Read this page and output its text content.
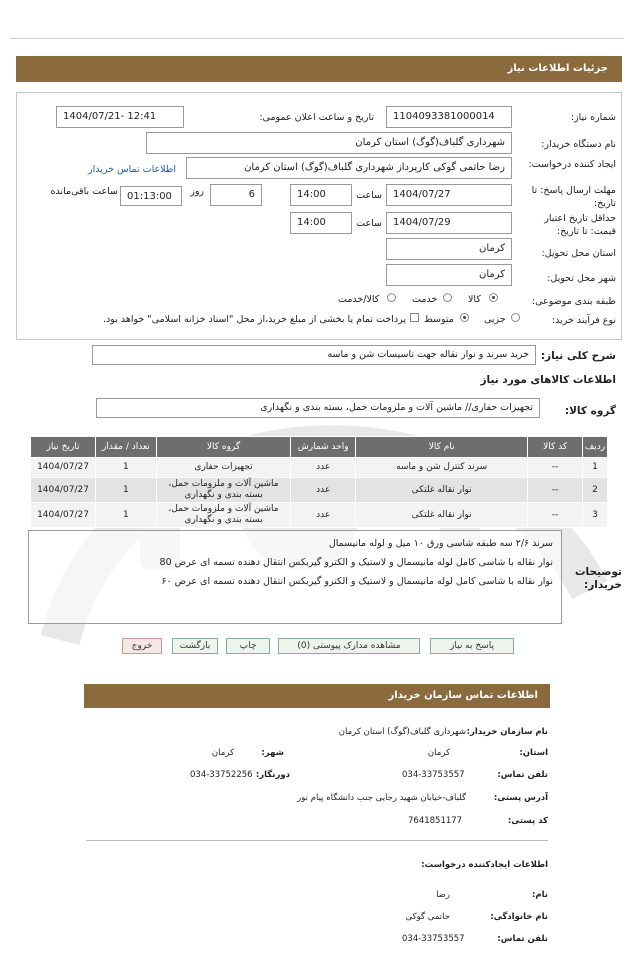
جزئیات اطلاعات نیاز
شماره نیاز:
1104093381000014
تاریخ و ساعت اعلان عمومی:
1404/07/21- 12:41
نام دستگاه خریدار:
شهرداری گلباف(گوگ) استان کرمان
ایجاد کننده درخواست:
رضا حاتمی گوکی کارپرداز شهرداری گلباف(گوگ) استان کرمان
اطلاعات تماس خریدار
مهلت ارسال پاسخ: تا تاریخ:
1404/07/27
ساعت
14:00
روز	6
01:13:00
ساعت باقی‌مانده
حداقل تاریخ اعتبار قیمت: تا تاریخ:
1404/07/29
ساعت
14:00
استان محل تحویل:
کرمان
شهر محل تحویل:
کرمان
طبقه بندی موضوعی:
کالا
خدمت
کالا/خدمت
نوع فرآیند خرید:
جزیی
متوسط
پرداخت تمام یا بخشی از مبلغ خرید،از محل "اسناد خزانه اسلامی" خواهد بود.
شرح کلی نیاز:
خرید سرند و نوار نقاله جهت تاسیسات شن و ماسه
اطلاعات کالاهای مورد نیاز
گروه کالا:
تجهیزات حفاری// ماشین آلات و ملزومات حمل، بسته بندی و نگهداری
ردیف	کد کالا	نام کالا	واحد شمارش	گروه کالا	تعداد / مقدار	تاریخ نیاز
1	--	سرند کنترل شن و ماسه	عدد	تجهیزات حفاری	1	1404/07/27
2	--	نوار نقاله غلتکی	عدد	ماشین آلات و ملزومات حمل، بسته بندی و نگهداری	1	1404/07/27
3	--	نوار نقاله غلتکی	عدد	ماشین آلات و ملزومات حمل، بسته بندی و نگهداری	1	1404/07/27
توضیحات خریدار:
سرند ۲/۶ سه طبقه شاسی ورق ۱۰ میل و لوله مانیسمال
نوار نقاله با شاسی کامل لوله مانیسمال و لاستیک و الکترو گیربکس انتقال دهنده تسمه ای عرض 80
نوار نقاله با شاسی کامل لوله مانیسمال و لاستیک و الکترو گیربکس انتقال دهنده تسمه ای عرض ۶۰
پاسخ به نیاز
مشاهده مدارک پیوستی (0)
چاپ
بازگشت
خروج
اطلاعات تماس سازمان خریدار
نام سازمان خریدار:
شهرداری گلباف(گوگ) استان کرمان
استان:
کرمان
شهر:
کرمان
تلفن تماس:
034-33753557
دورنگار:
034-33752256
آدرس پستی:
گلباف-خیابان شهید رجایی جنب دانشگاه پیام نور
کد پستی:
7641851177
اطلاعات ایجادکننده درخواست:
نام:
رضا
نام خانوادگی:
حاتمی گوکی
تلفن تماس:
034-33753557
